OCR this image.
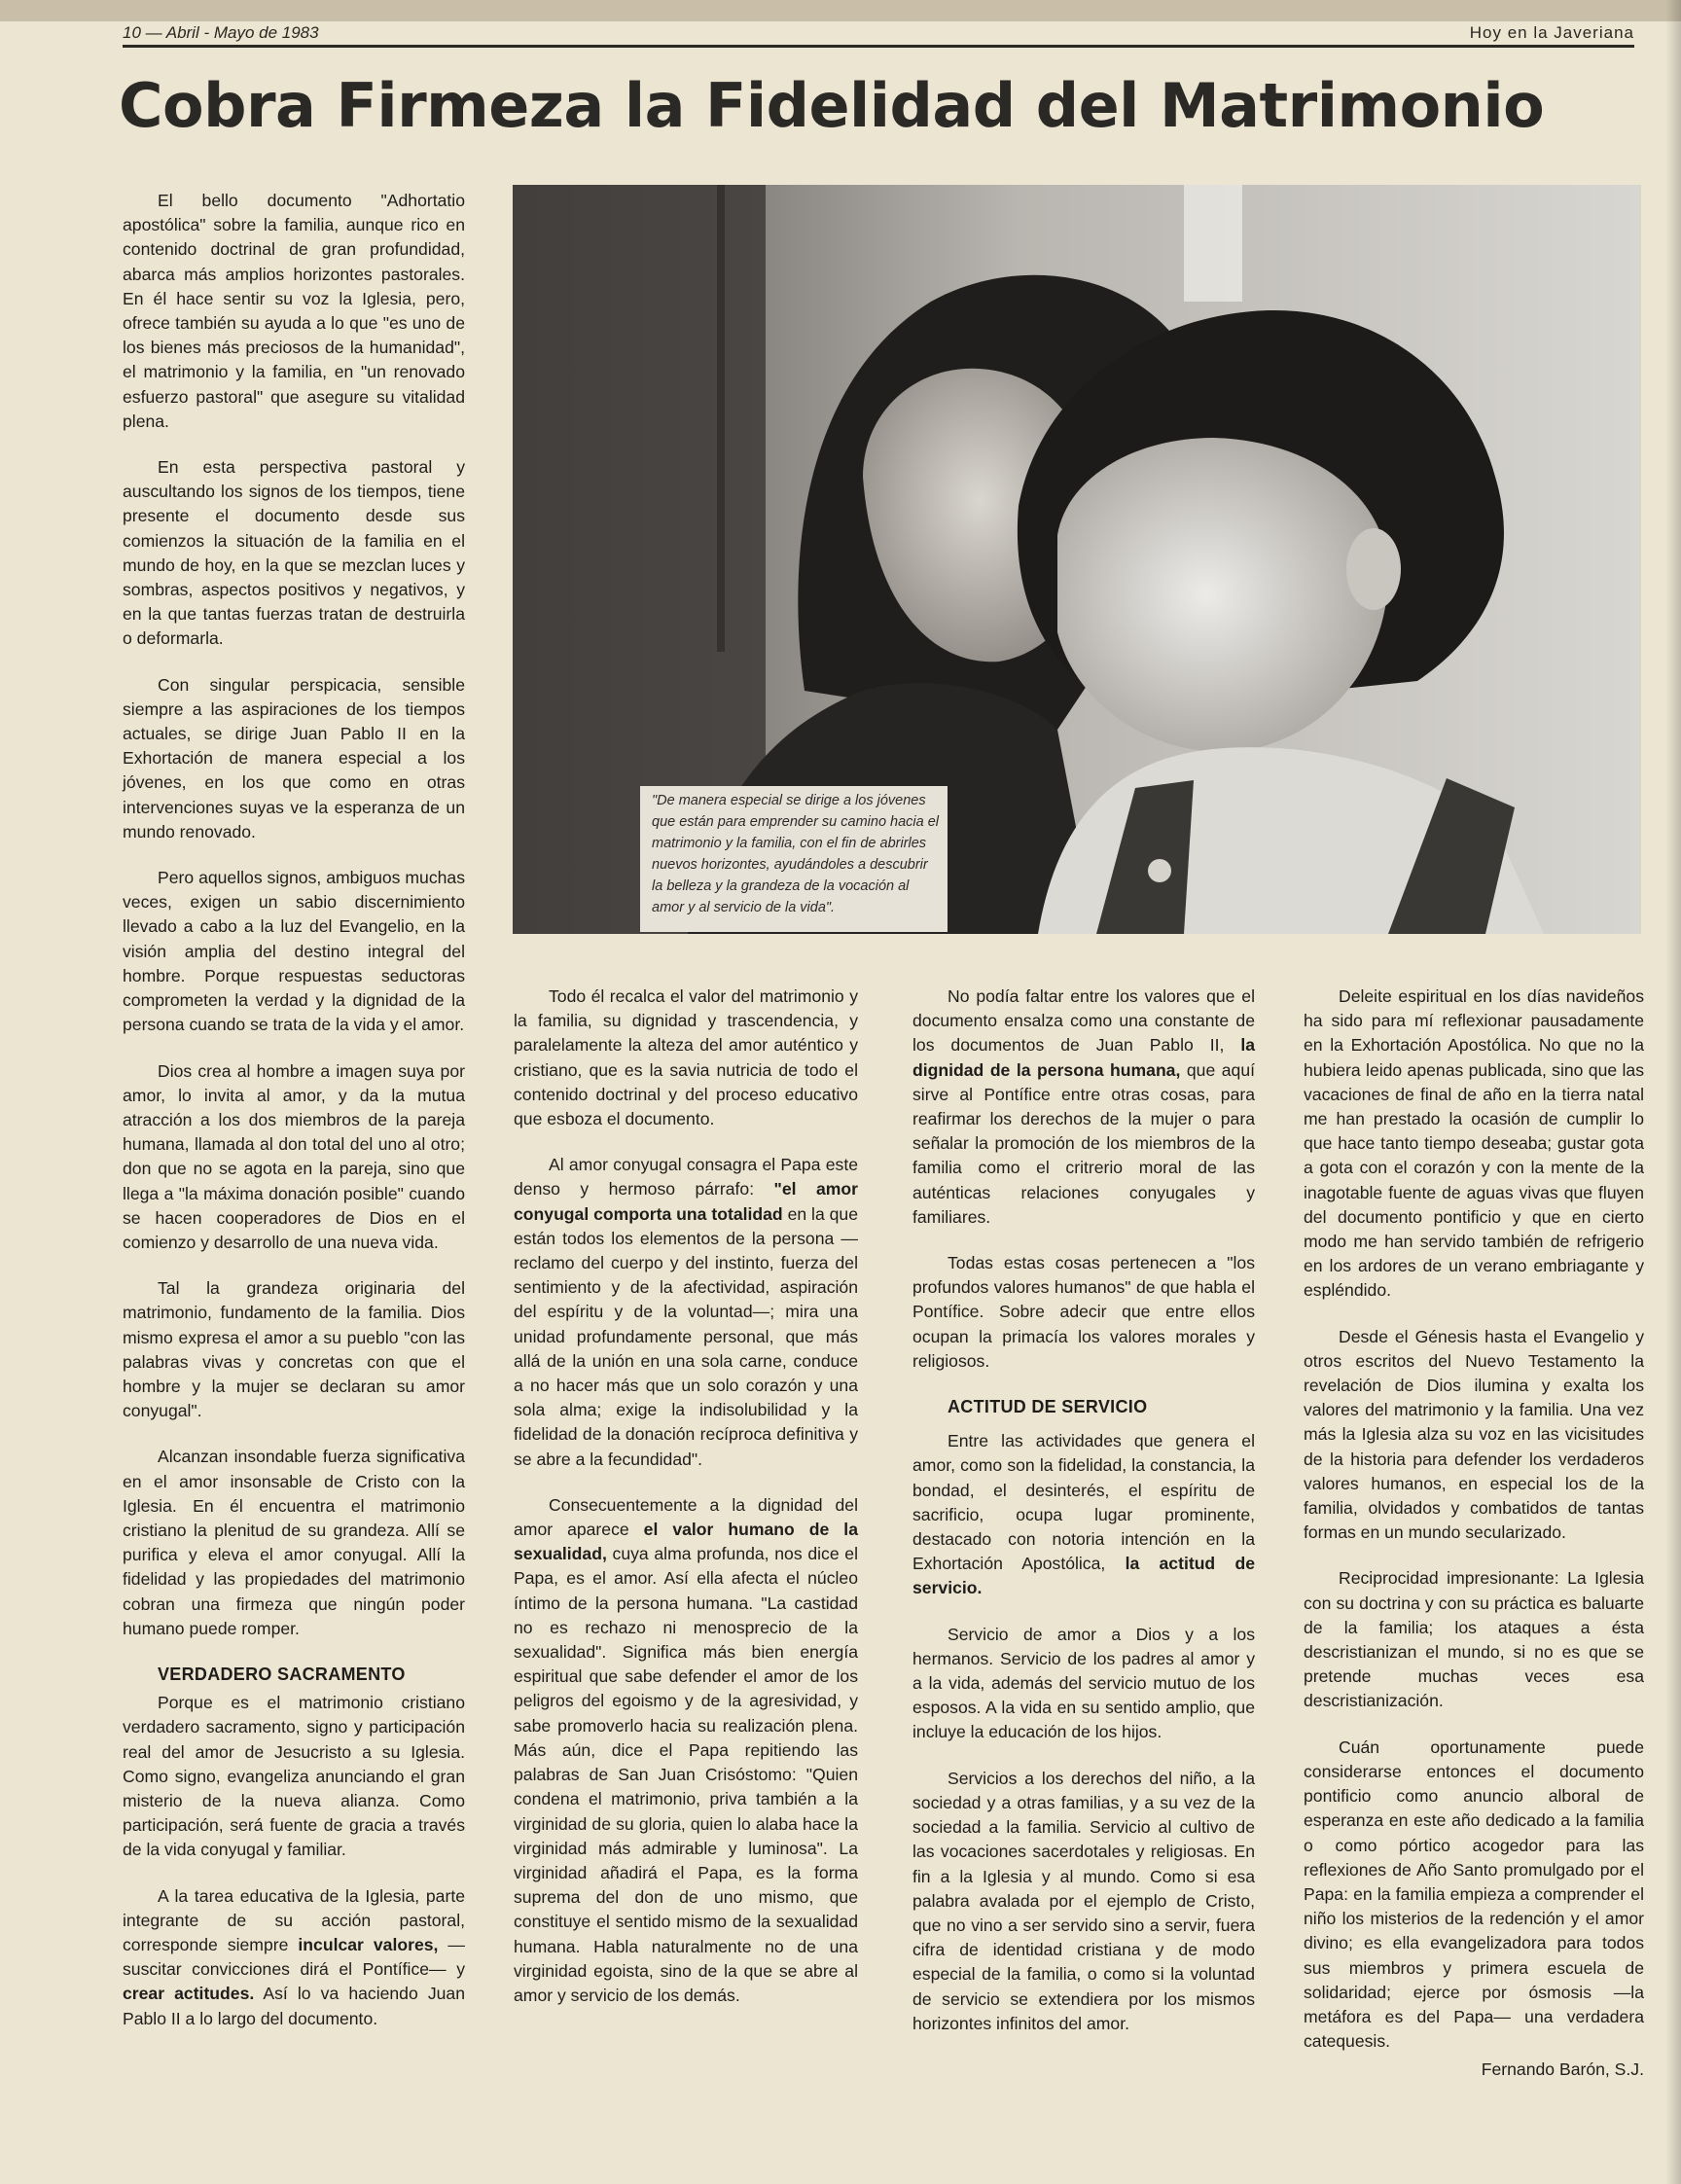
10 — Abril - Mayo de 1983	Hoy en la Javeriana
Cobra Firmeza la Fidelidad del Matrimonio
"De manera especial se dirige a los jóvenes que están para emprender su camino hacia el matrimonio y la familia, con el fin de abrirles nuevos horizontes, ayudándoles a descubrir la belleza y la grandeza de la vocación al amor y al servicio de la vida".

El bello documento "Adhortatio apostólica" sobre la familia, aunque rico en contenido doctrinal de gran profundidad, abarca más amplios horizontes pastorales. En él hace sentir su voz la Iglesia, pero, ofrece también su ayuda a lo que "es uno de los bienes más preciosos de la humanidad", el matrimonio y la familia, en "un renovado esfuerzo pastoral" que asegure su vitalidad plena.

En esta perspectiva pastoral y auscultando los signos de los tiempos, tiene presente el documento desde sus comienzos la situación de la familia en el mundo de hoy, en la que se mezclan luces y sombras, aspectos positivos y negativos, y en la que tantas fuerzas tratan de destruirla o deformarla.

Con singular perspicacia, sensible siempre a las aspiraciones de los tiempos actuales, se dirige Juan Pablo II en la Exhortación de manera especial a los jóvenes, en los que como en otras intervenciones suyas ve la esperanza de un mundo renovado.

Pero aquellos signos, ambiguos muchas veces, exigen un sabio discernimiento llevado a cabo a la luz del Evangelio, en la visión amplia del destino integral del hombre. Porque respuestas seductoras comprometen la verdad y la dignidad de la persona cuando se trata de la vida y el amor.

Dios crea al hombre a imagen suya por amor, lo invita al amor, y da la mutua atracción a los dos miembros de la pareja humana, llamada al don total del uno al otro; don que no se agota en la pareja, sino que llega a "la máxima donación posible" cuando se hacen cooperadores de Dios en el comienzo y desarrollo de una nueva vida.

Tal la grandeza originaria del matrimonio, fundamento de la familia. Dios mismo expresa el amor a su pueblo "con las palabras vivas y concretas con que el hombre y la mujer se declaran su amor conyugal".

Alcanzan insondable fuerza significativa en el amor insonsable de Cristo con la Iglesia. En él encuentra el matrimonio cristiano la plenitud de su grandeza. Allí se purifica y eleva el amor conyugal. Allí la fidelidad y las propiedades del matrimonio cobran una firmeza que ningún poder humano puede romper.

VERDADERO SACRAMENTO

Porque es el matrimonio cristiano verdadero sacramento, signo y participación real del amor de Jesucristo a su Iglesia. Como signo, evangeliza anunciando el gran misterio de la nueva alianza. Como participación, será fuente de gracia a través de la vida conyugal y familiar.

A la tarea educativa de la Iglesia, parte integrante de su acción pastoral, corresponde siempre inculcar valores, —suscitar convicciones dirá el Pontífice— y crear actitudes. Así lo va haciendo Juan Pablo II a lo largo del documento.

Todo él recalca el valor del matrimonio y la familia, su dignidad y trascendencia, y paralelamente la alteza del amor auténtico y cristiano, que es la savia nutricia de todo el contenido doctrinal y del proceso educativo que esboza el documento.

Al amor conyugal consagra el Papa este denso y hermoso párrafo: "el amor conyugal comporta una totalidad en la que están todos los elementos de la persona —reclamo del cuerpo y del instinto, fuerza del sentimiento y de la afectividad, aspiración del espíritu y de la voluntad—; mira una unidad profundamente personal, que más allá de la unión en una sola carne, conduce a no hacer más que un solo corazón y una sola alma; exige la indisolubilidad y la fidelidad de la donación recíproca definitiva y se abre a la fecundidad".

Consecuentemente a la dignidad del amor aparece el valor humano de la sexualidad, cuya alma profunda, nos dice el Papa, es el amor. Así ella afecta el núcleo íntimo de la persona humana. "La castidad no es rechazo ni menosprecio de la sexualidad". Significa más bien energía espiritual que sabe defender el amor de los peligros del egoismo y de la agresividad, y sabe promoverlo hacia su realización plena. Más aún, dice el Papa repitiendo las palabras de San Juan Crisóstomo: "Quien condena el matrimonio, priva también a la virginidad de su gloria, quien lo alaba hace la virginidad más admirable y luminosa". La virginidad añadirá el Papa, es la forma suprema del don de uno mismo, que constituye el sentido mismo de la sexualidad humana. Habla naturalmente no de una virginidad egoista, sino de la que se abre al amor y servicio de los demás.

No podía faltar entre los valores que el documento ensalza como una constante de los documentos de Juan Pablo II, la dignidad de la persona humana, que aquí sirve al Pontífice entre otras cosas, para reafirmar los derechos de la mujer o para señalar la promoción de los miembros de la familia como el critrerio moral de las auténticas relaciones conyugales y familiares.

Todas estas cosas pertenecen a "los profundos valores humanos" de que habla el Pontífice. Sobre adecir que entre ellos ocupan la primacía los valores morales y religiosos.

ACTITUD DE SERVICIO

Entre las actividades que genera el amor, como son la fidelidad, la constancia, la bondad, el desinterés, el espíritu de sacrificio, ocupa lugar prominente, destacado con notoria intención en la Exhortación Apostólica, la actitud de servicio.

Servicio de amor a Dios y a los hermanos. Servicio de los padres al amor y a la vida, además del servicio mutuo de los esposos. A la vida en su sentido amplio, que incluye la educación de los hijos.

Servicios a los derechos del niño, a la sociedad y a otras familias, y a su vez de la sociedad a la familia. Servicio al cultivo de las vocaciones sacerdotales y religiosas. En fin a la Iglesia y al mundo. Como si esa palabra avalada por el ejemplo de Cristo, que no vino a ser servido sino a servir, fuera cifra de identidad cristiana y de modo especial de la familia, o como si la voluntad de servicio se extendiera por los mismos horizontes infinitos del amor.

Deleite espiritual en los días navideños ha sido para mí reflexionar pausadamente en la Exhortación Apostólica. No que no la hubiera leido apenas publicada, sino que las vacaciones de final de año en la tierra natal me han prestado la ocasión de cumplir lo que hace tanto tiempo deseaba; gustar gota a gota con el corazón y con la mente de la inagotable fuente de aguas vivas que fluyen del documento pontificio y que en cierto modo me han servido también de refrigerio en los ardores de un verano embriagante y espléndido.

Desde el Génesis hasta el Evangelio y otros escritos del Nuevo Testamento la revelación de Dios ilumina y exalta los valores del matrimonio y la familia. Una vez más la Iglesia alza su voz en las vicisitudes de la historia para defender los verdaderos valores humanos, en especial los de la familia, olvidados y combatidos de tantas formas en un mundo secularizado.

Reciprocidad impresionante: La Iglesia con su doctrina y con su práctica es baluarte de la familia; los ataques a ésta descristianizan el mundo, si no es que se pretende muchas veces esa descristianización.

Cuán oportunamente puede considerarse entonces el documento pontificio como anuncio alboral de esperanza en este año dedicado a la familia o como pórtico acogedor para las reflexiones de Año Santo promulgado por el Papa: en la familia empieza a comprender el niño los misterios de la redención y el amor divino; es ella evangelizadora para todos sus miembros y primera escuela de solidaridad; ejerce por ósmosis —la metáfora es del Papa— una verdadera catequesis.

Fernando Barón, S.J.
